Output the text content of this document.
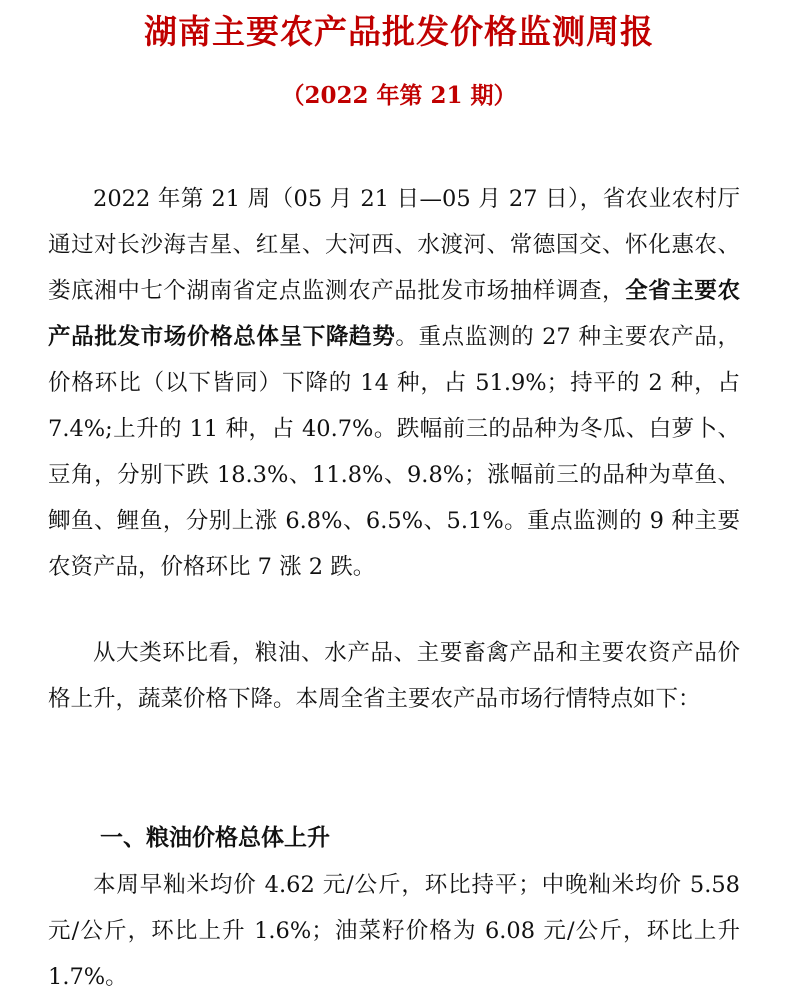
湖南主要农产品批发价格监测周报
（2022 年第 21 期）

2022 年第 21 周（05 月 21 日—05 月 27 日），省农业农村厅通过对长沙海吉星、红星、大河西、水渡河、常德国交、怀化惠农、娄底湘中七个湖南省定点监测农产品批发市场抽样调查，全省主要农产品批发市场价格总体呈下降趋势。重点监测的 27 种主要农产品，价格环比（以下皆同）下降的 14 种，占 51.9%；持平的 2 种，占 7.4%;上升的 11 种，占 40.7%。跌幅前三的品种为冬瓜、白萝卜、豆角，分别下跌 18.3%、11.8%、9.8%；涨幅前三的品种为草鱼、鲫鱼、鲤鱼，分别上涨 6.8%、6.5%、5.1%。重点监测的 9 种主要农资产品，价格环比 7 涨 2 跌。

从大类环比看，粮油、水产品、主要畜禽产品和主要农资产品价格上升，蔬菜价格下降。本周全省主要农产品市场行情特点如下：

一、粮油价格总体上升

本周早籼米均价 4.62 元/公斤，环比持平；中晚籼米均价 5.58 元/公斤，环比上升 1.6%；油菜籽价格为 6.08 元/公斤，环比上升 1.7%。
